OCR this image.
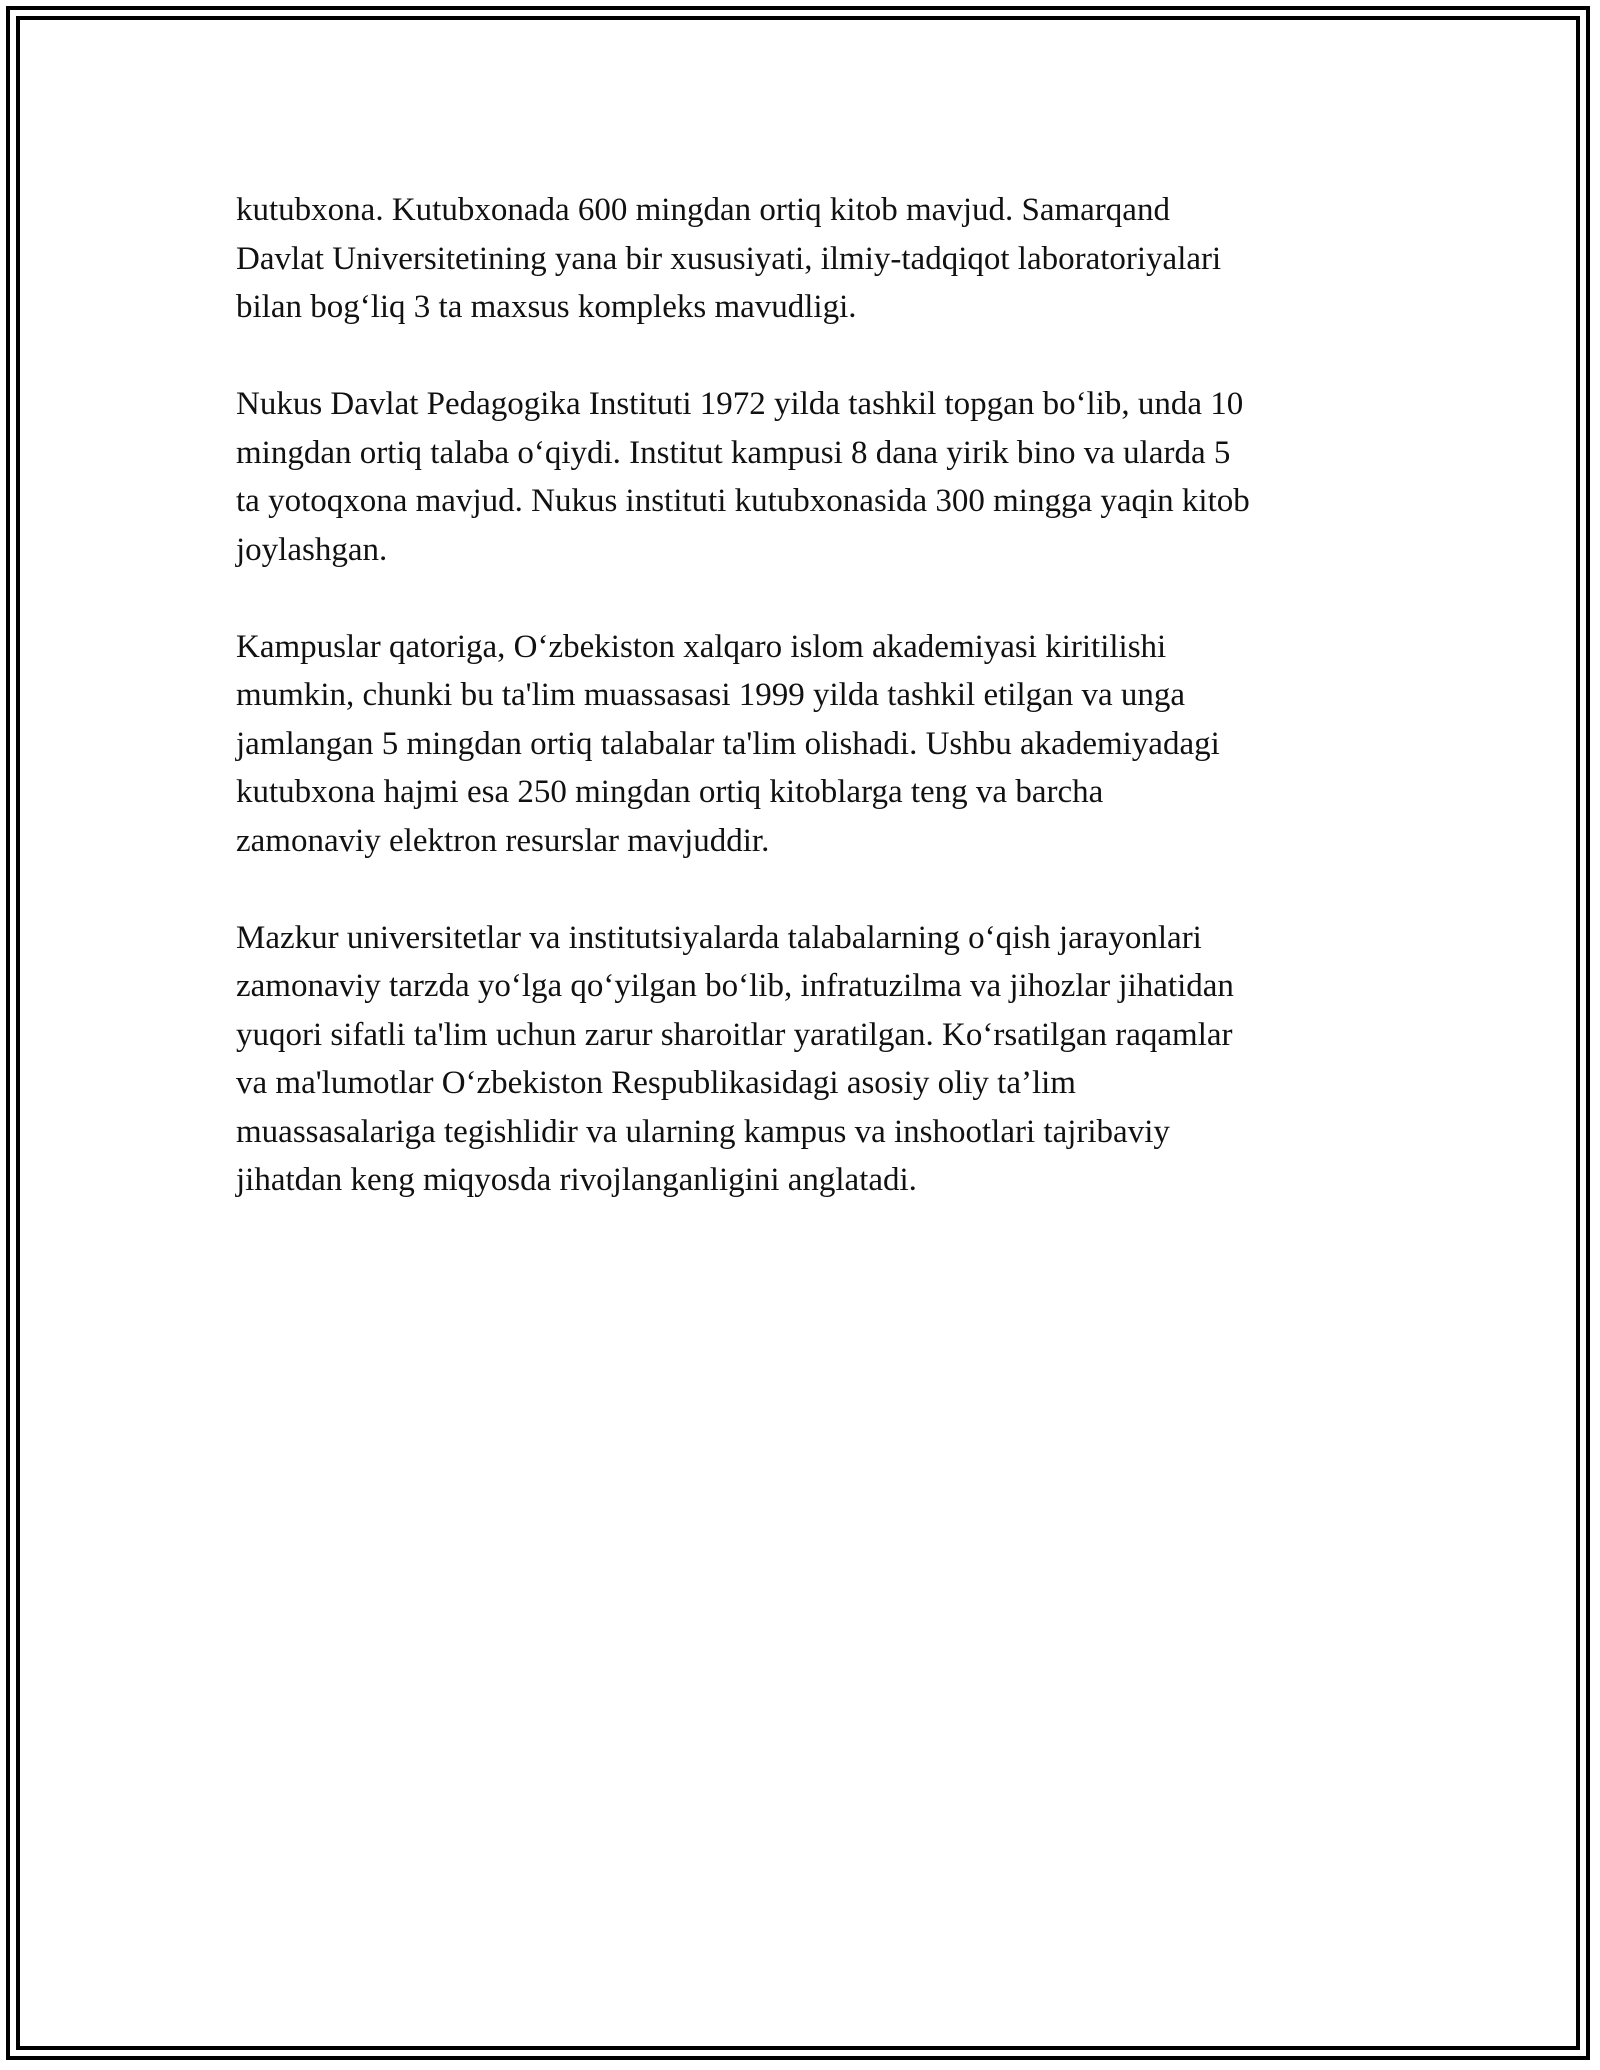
kutubxona. Kutubxonada 600 mingdan ortiq kitob mavjud. Samarqand
Davlat Universitetining yana bir xususiyati, ilmiy-tadqiqot laboratoriyalari
bilan bogʻliq 3 ta maxsus kompleks mavudligi.

Nukus Davlat Pedagogika Instituti 1972 yilda tashkil topgan boʻlib, unda 10
mingdan ortiq talaba oʻqiydi. Institut kampusi 8 dana yirik bino va ularda 5
ta yotoqxona mavjud. Nukus instituti kutubxonasida 300 mingga yaqin kitob
joylashgan.

Kampuslar qatoriga, Oʻzbekiston xalqaro islom akademiyasi kiritilishi
mumkin, chunki bu ta'lim muassasasi 1999 yilda tashkil etilgan va unga
jamlangan 5 mingdan ortiq talabalar ta'lim olishadi. Ushbu akademiyadagi
kutubxona hajmi esa 250 mingdan ortiq kitoblarga teng va barcha
zamonaviy elektron resurslar mavjuddir.

Mazkur universitetlar va institutsiyalarda talabalarning oʻqish jarayonlari
zamonaviy tarzda yoʻlga qoʻyilgan boʻlib, infratuzilma va jihozlar jihatidan
yuqori sifatli ta'lim uchun zarur sharoitlar yaratilgan. Koʻrsatilgan raqamlar
va ma'lumotlar Oʻzbekiston Respublikasidagi asosiy oliy ta’lim
muassasalariga tegishlidir va ularning kampus va inshootlari tajribaviy
jihatdan keng miqyosda rivojlanganligini anglatadi.
